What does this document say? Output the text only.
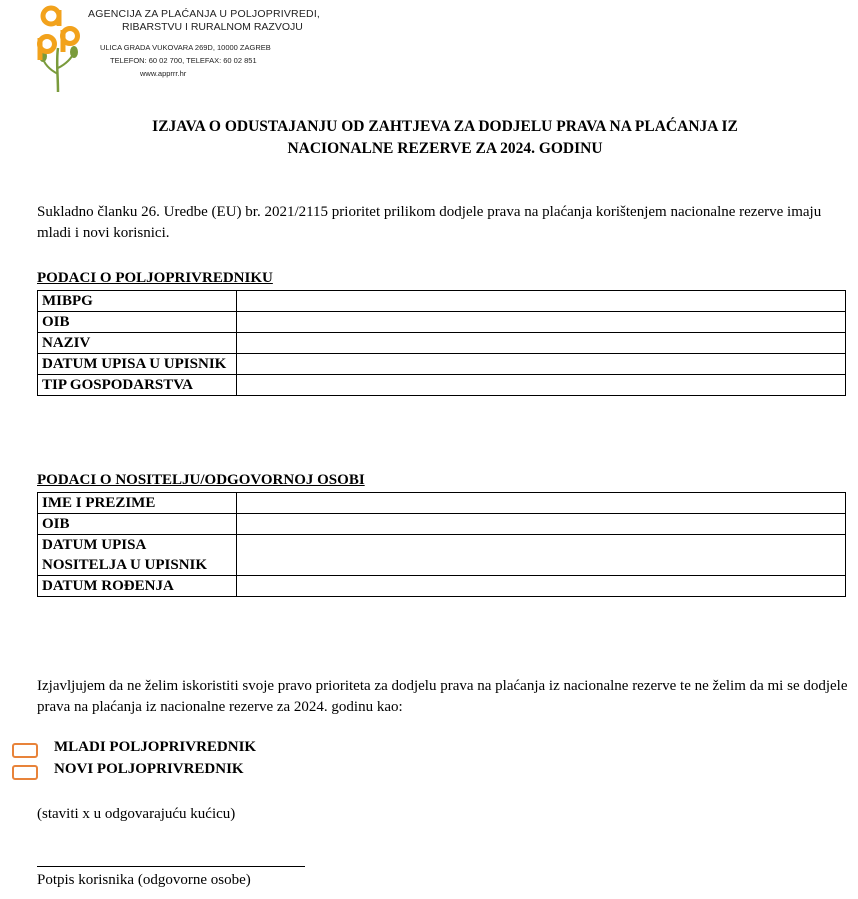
AGENCIJA ZA PLAĆANJA U POLJOPRIVREDI,
RIBARSTVU I RURALNOM RAZVOJU
ULICA GRADA VUKOVARA 269D, 10000 ZAGREB
TELEFON: 60 02 700, TELEFAX: 60 02 851
www.apprrr.hr
IZJAVA O ODUSTAJANJU OD ZAHTJEVA ZA DODJELU PRAVA NA PLAĆANJA IZ
NACIONALNE REZERVE ZA 2024. GODINU
Sukladno članku 26. Uredbe (EU) br. 2021/2115 prioritet prilikom dodjele prava na plaćanja korištenjem nacionalne rezerve imaju mladi i novi korisnici.
PODACI O POLJOPRIVREDNIKU
MIBPG	
OIB	
NAZIV	
DATUM UPISA U UPISNIK	
TIP GOSPODARSTVA	
PODACI O NOSITELJU/ODGOVORNOJ OSOBI
IME I PREZIME	
OIB	
DATUM UPISA NOSITELJA U UPISNIK	
DATUM ROĐENJA	
Izjavljujem da ne želim iskoristiti svoje pravo prioriteta za dodjelu prava na plaćanja iz nacionalne rezerve te ne želim da mi se dodjele prava na plaćanja iz nacionalne rezerve za 2024. godinu kao:
MLADI POLJOPRIVREDNIK
NOVI POLJOPRIVREDNIK
(staviti x u odgovarajuću kućicu)
Potpis korisnika (odgovorne osobe)
